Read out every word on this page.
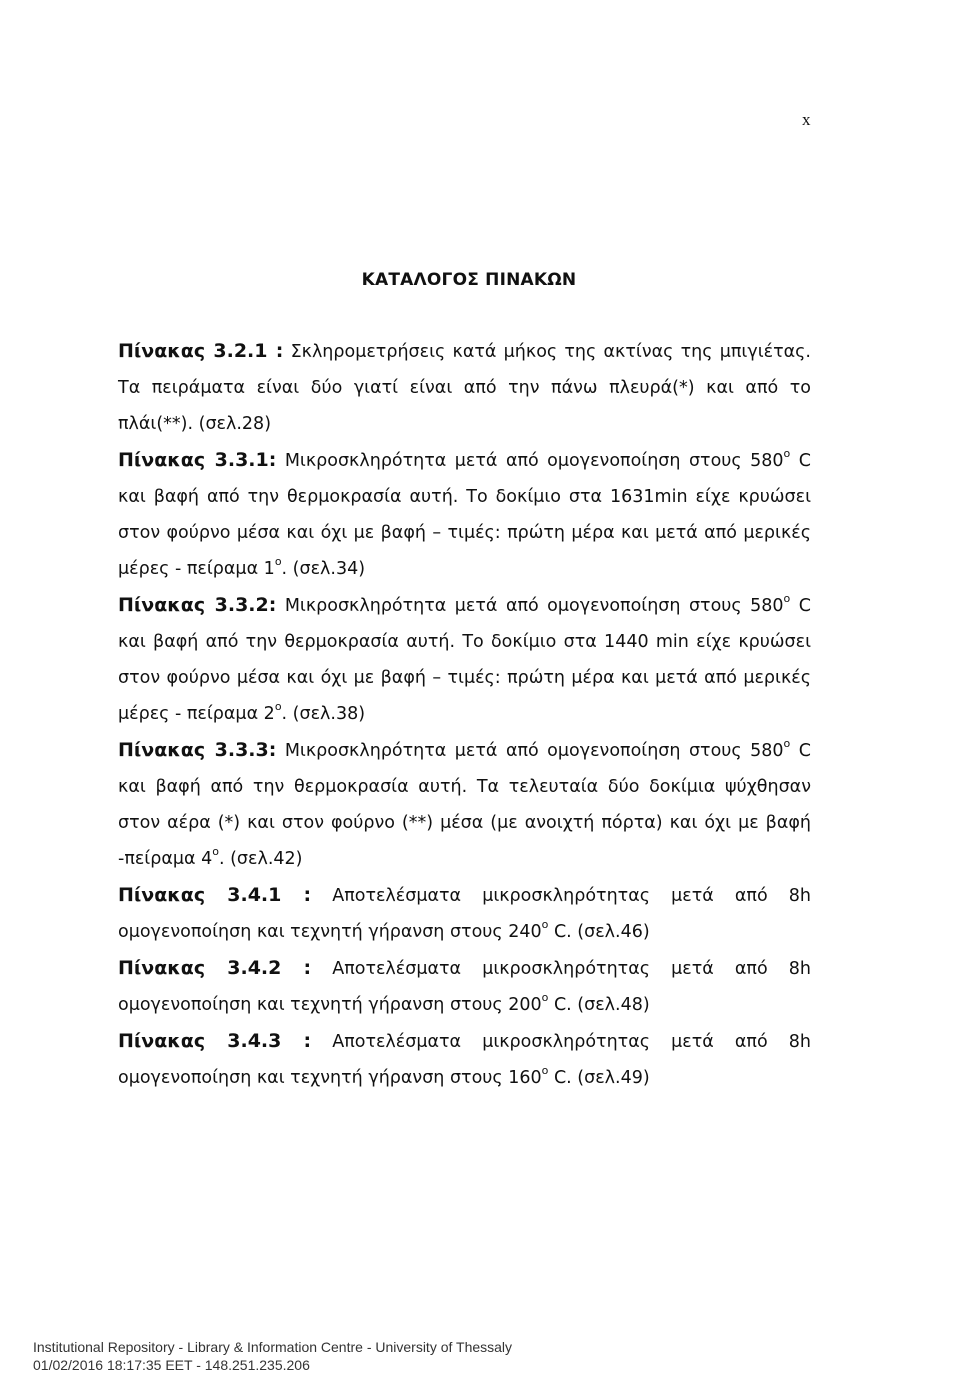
x
ΚΑΤΑΛΟΓΟΣ ΠΙΝΑΚΩΝ
Πίνακας 3.2.1 : Σκληρομετρήσεις κατά μήκος της ακτίνας της μπιγιέτας. Τα πειράματα είναι δύο γιατί είναι από την πάνω πλευρά(*) και από το πλάι(**). (σελ.28)
Πίνακας 3.3.1: Μικροσκληρότητα μετά από ομογενοποίηση στους $580^o$ C και βαφή από την θερμοκρασία αυτή. Το δοκίμιο στα 1631min είχε κρυώσει στον φούρνο μέσα και όχι με βαφή – τιμές: πρώτη μέρα και μετά από μερικές μέρες - πείραμα $1^o$. (σελ.34)
Πίνακας 3.3.2: Μικροσκληρότητα μετά από ομογενοποίηση στους $580^o$ C και βαφή από την θερμοκρασία αυτή. Το δοκίμιο στα 1440 min είχε κρυώσει στον φούρνο μέσα και όχι με βαφή – τιμές: πρώτη μέρα και μετά από μερικές μέρες - πείραμα $2^o$. (σελ.38)
Πίνακας 3.3.3: Μικροσκληρότητα μετά από ομογενοποίηση στους $580^o$ C και βαφή από την θερμοκρασία αυτή. Τα τελευταία δύο δοκίμια ψύχθησαν στον αέρα (*) και στον φούρνο (**) μέσα (με ανοιχτή πόρτα) και όχι με βαφή -πείραμα $4^o$. (σελ.42)
Πίνακας 3.4.1 : Αποτελέσματα μικροσκληρότητας μετά από 8h ομογενοποίηση και τεχνητή γήρανση στους $240^o$ C. (σελ.46)
Πίνακας 3.4.2 : Αποτελέσματα μικροσκληρότητας μετά από 8h ομογενοποίηση και τεχνητή γήρανση στους $200^o$ C. (σελ.48)
Πίνακας 3.4.3 : Αποτελέσματα μικροσκληρότητας μετά από 8h ομογενοποίηση και τεχνητή γήρανση στους $160^o$ C. (σελ.49)
Institutional Repository - Library & Information Centre - University of Thessaly
01/02/2016 18:17:35 EET - 148.251.235.206
